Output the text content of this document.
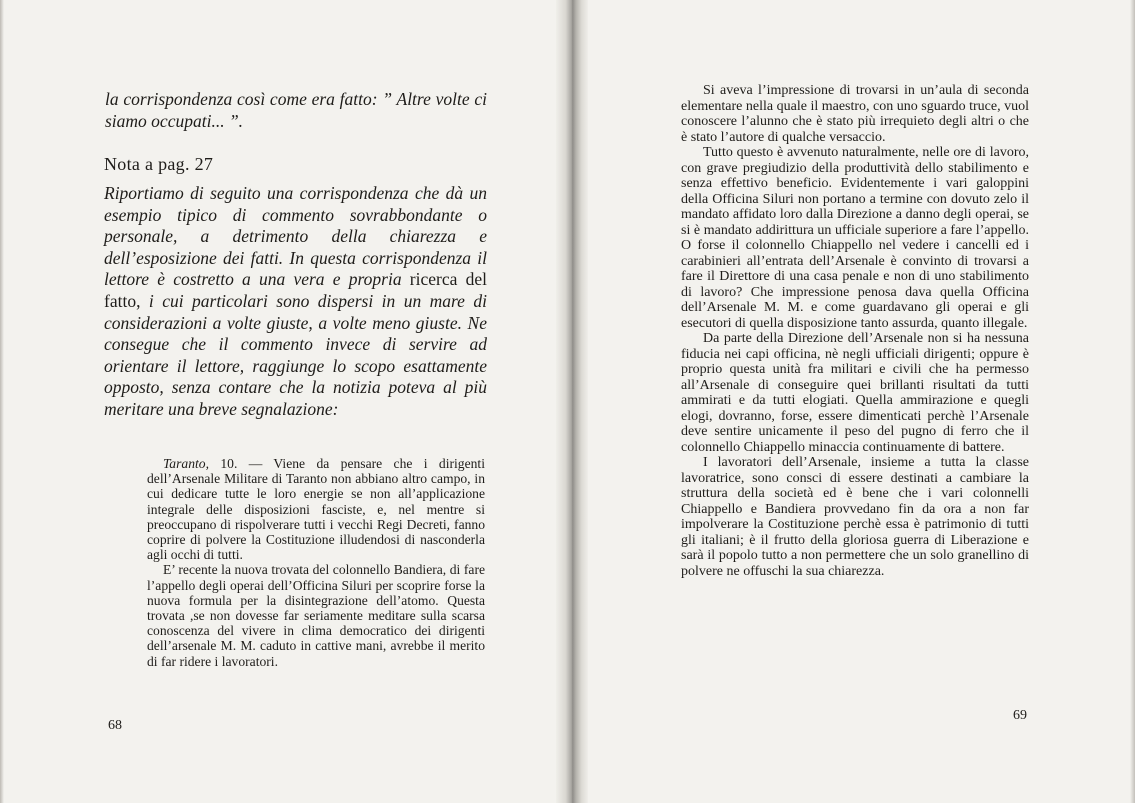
la corrispondenza così come era fatto: ” Altre volte ci siamo occupati... ”.

Nota a pag. 27

Riportiamo di seguito una corrispondenza che dà un esempio tipico di commento sovrabbondante o personale, a detrimento della chiarezza e dell’esposizione dei fatti. In questa corrispondenza il lettore è costretto a una vera e propria ricerca del fatto, i cui particolari sono dispersi in un mare di considerazioni a volte giuste, a volte meno giuste. Ne consegue che il commento invece di servire ad orientare il lettore, raggiunge lo scopo esattamente opposto, senza contare che la notizia poteva al più meritare una breve segnalazione:

Taranto, 10. — Viene da pensare che i dirigenti dell’Arsenale Militare di Taranto non abbiano altro campo, in cui dedicare tutte le loro energie se non all’applicazione integrale delle disposizioni fasciste, e, nel mentre si preoccupano di rispolverare tutti i vecchi Regi Decreti, fanno coprire di polvere la Costituzione illudendosi di nasconderla agli occhi di tutti.

E’ recente la nuova trovata del colonnello Bandiera, di fare l’appello degli operai dell’Officina Siluri per scoprire forse la nuova formula per la disintegrazione dell’atomo. Questa trovata ,se non dovesse far seriamente meditare sulla scarsa conoscenza del vivere in clima democratico dei dirigenti dell’arsenale M. M. caduto in cattive mani, avrebbe il merito di far ridere i lavoratori.

68

Si aveva l’impressione di trovarsi in un’aula di seconda elementare nella quale il maestro, con uno sguardo truce, vuol conoscere l’alunno che è stato più irrequieto degli altri o che è stato l’autore di qualche versaccio.

Tutto questo è avvenuto naturalmente, nelle ore di lavoro, con grave pregiudizio della produttività dello stabilimento e senza effettivo beneficio. Evidentemente i vari galoppini della Officina Siluri non portano a termine con dovuto zelo il mandato affidato loro dalla Direzione a danno degli operai, se si è mandato addirittura un ufficiale superiore a fare l’appello. O forse il colonnello Chiappello nel vedere i cancelli ed i carabinieri all’entrata dell’Arsenale è convinto di trovarsi a fare il Direttore di una casa penale e non di uno stabilimento di lavoro? Che impressione penosa dava quella Officina dell’Arsenale M. M. e come guardavano gli operai e gli esecutori di quella disposizione tanto assurda, quanto illegale.

Da parte della Direzione dell’Arsenale non si ha nessuna fiducia nei capi officina, nè negli ufficiali dirigenti; oppure è proprio questa unità fra militari e civili che ha permesso all’Arsenale di conseguire quei brillanti risultati da tutti ammirati e da tutti elogiati. Quella ammirazione e quegli elogi, dovranno, forse, essere dimenticati perchè l’Arsenale deve sentire unicamente il peso del pugno di ferro che il colonnello Chiappello minaccia continuamente di battere.

I lavoratori dell’Arsenale, insieme a tutta la classe lavoratrice, sono consci di essere destinati a cambiare la struttura della società ed è bene che i vari colonnelli Chiappello e Bandiera provvedano fin da ora a non far impolverare la Costituzione perchè essa è patrimonio di tutti gli italiani; è il frutto della gloriosa guerra di Liberazione e sarà il popolo tutto a non permettere che un solo granellino di polvere ne offuschi la sua chiarezza.

69
